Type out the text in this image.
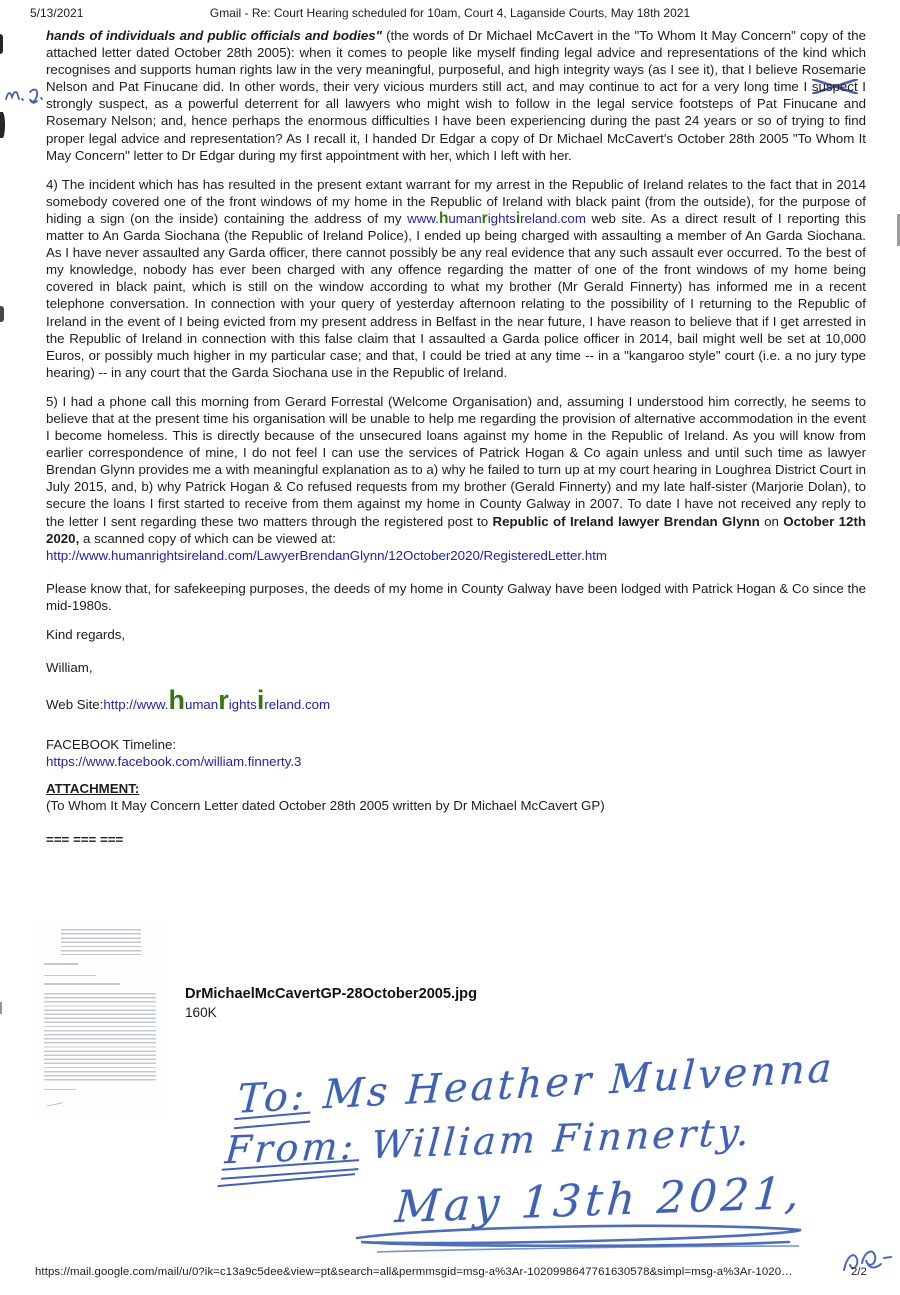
5/13/2021	Gmail - Re: Court Hearing scheduled for 10am, Court 4, Laganside Courts, May 18th 2021

hands of individuals and public officials and bodies" (the words of Dr Michael McCavert in the "To Whom It May Concern" copy of the attached letter dated October 28th 2005): when it comes to people like myself finding legal advice and representations of the kind which recognises and supports human rights law in the very meaningful, purposeful, and high integrity ways (as I see it), that I believe Rosemarie Nelson and Pat Finucane did. In other words, their very vicious murders still act, and may continue to act for a very long time I suspect I strongly suspect, as a powerful deterrent for all lawyers who might wish to follow in the legal service footsteps of Pat Finucane and Rosemary Nelson; and, hence perhaps the enormous difficulties I have been experiencing during the past 24 years or so of trying to find proper legal advice and representation? As I recall it, I handed Dr Edgar a copy of Dr Michael McCavert's October 28th 2005 "To Whom It May Concern" letter to Dr Edgar during my first appointment with her, which I left with her.

4) The incident which has has resulted in the present extant warrant for my arrest in the Republic of Ireland relates to the fact that in 2014 somebody covered one of the front windows of my home in the Republic of Ireland with black paint (from the outside), for the purpose of hiding a sign (on the inside) containing the address of my www.humanrightsireland.com web site. As a direct result of I reporting this matter to An Garda Siochana (the Republic of Ireland Police), I ended up being charged with assaulting a member of An Garda Siochana. As I have never assaulted any Garda officer, there cannot possibly be any real evidence that any such assault ever occurred. To the best of my knowledge, nobody has ever been charged with any offence regarding the matter of one of the front windows of my home being covered in black paint, which is still on the window according to what my brother (Mr Gerald Finnerty) has informed me in a recent telephone conversation. In connection with your query of yesterday afternoon relating to the possibility of I returning to the Republic of Ireland in the event of I being evicted from my present address in Belfast in the near future, I have reason to believe that if I get arrested in the Republic of Ireland in connection with this false claim that I assaulted a Garda police officer in 2014, bail might well be set at 10,000 Euros, or possibly much higher in my particular case; and that, I could be tried at any time -- in a "kangaroo style" court (i.e. a no jury type hearing) -- in any court that the Garda Siochana use in the Republic of Ireland.

5) I had a phone call this morning from Gerard Forrestal (Welcome Organisation) and, assuming I understood him correctly, he seems to believe that at the present time his organisation will be unable to help me regarding the provision of alternative accommodation in the event I become homeless. This is directly because of the unsecured loans against my home in the Republic of Ireland. As you will know from earlier correspondence of mine, I do not feel I can use the services of Patrick Hogan & Co again unless and until such time as lawyer Brendan Glynn provides me a with meaningful explanation as to a) why he failed to turn up at my court hearing in Loughrea District Court in July 2015, and, b) why Patrick Hogan & Co refused requests from my brother (Gerald Finnerty) and my late half-sister (Marjorie Dolan), to secure the loans I first started to receive from them against my home in County Galway in 2007. To date I have not received any reply to the letter I sent regarding these two matters through the registered post to Republic of Ireland lawyer Brendan Glynn on October 12th 2020, a scanned copy of which can be viewed at:
http://www.humanrightsireland.com/LawyerBrendanGlynn/12October2020/RegisteredLetter.htm

Please know that, for safekeeping purposes, the deeds of my home in County Galway have been lodged with Patrick Hogan & Co since the mid-1980s.

Kind regards,

William,

Web Site: http://www.humanrightsireland.com

FACEBOOK Timeline:
https://www.facebook.com/william.finnerty.3

ATTACHMENT:
(To Whom It May Concern Letter dated October 28th 2005 written by Dr Michael McCavert GP)

=== === ===

DrMichaelMcCavertGP-28October2005.jpg
160K
To: Ms Heather Mulvenna
From: William Finnerty.
May 13th 2021,
https://mail.google.com/mail/u/0?ik=c13a9c5dee&view=pt&search=all&permmsgid=msg-a%3Ar-1020998647761630578&simpl=msg-a%3Ar-1020…	2/2
